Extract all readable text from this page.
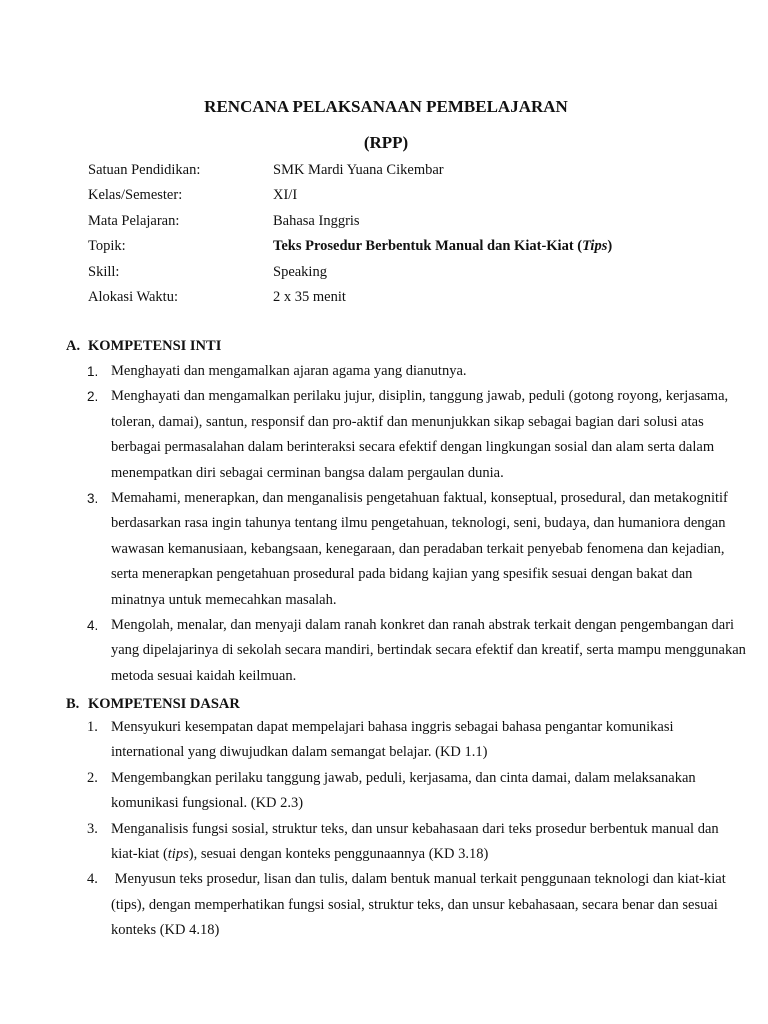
RENCANA PELAKSANAAN PEMBELAJARAN

(RPP)

Satuan Pendidikan:	SMK Mardi Yuana Cikembar
Kelas/Semester:	XI/I
Mata Pelajaran:	Bahasa Inggris
Topik:	Teks Prosedur Berbentuk Manual dan Kiat-Kiat (Tips)
Skill:	Speaking
Alokasi Waktu:	2 x 35 menit

A. KOMPETENSI INTI

1. Menghayati dan mengamalkan ajaran agama yang dianutnya.
2. Menghayati dan mengamalkan perilaku jujur, disiplin, tanggung jawab, peduli (gotong royong, kerjasama, toleran, damai), santun, responsif dan pro-aktif dan menunjukkan sikap sebagai bagian dari solusi atas berbagai permasalahan dalam berinteraksi secara efektif dengan lingkungan sosial dan alam serta dalam menempatkan diri sebagai cerminan bangsa dalam pergaulan dunia.
3. Memahami, menerapkan, dan menganalisis pengetahuan faktual, konseptual, prosedural, dan metakognitif berdasarkan rasa ingin tahunya tentang ilmu pengetahuan, teknologi, seni, budaya, dan humaniora dengan wawasan kemanusiaan, kebangsaan, kenegaraan, dan peradaban terkait penyebab fenomena dan kejadian, serta menerapkan pengetahuan prosedural pada bidang kajian yang spesifik sesuai dengan bakat dan minatnya untuk memecahkan masalah.
4. Mengolah, menalar, dan menyaji dalam ranah konkret dan ranah abstrak terkait dengan pengembangan dari yang dipelajarinya di sekolah secara mandiri, bertindak secara efektif dan kreatif, serta mampu menggunakan metoda sesuai kaidah keilmuan.

B. KOMPETENSI DASAR

1. Mensyukuri kesempatan dapat mempelajari bahasa inggris sebagai bahasa pengantar komunikasi international yang diwujudkan dalam semangat belajar. (KD 1.1)
2. Mengembangkan perilaku tanggung jawab, peduli, kerjasama, dan cinta damai, dalam melaksanakan komunikasi fungsional. (KD 2.3)
3. Menganalisis fungsi sosial, struktur teks, dan unsur kebahasaan dari teks prosedur berbentuk manual dan kiat-kiat (tips), sesuai dengan konteks penggunaannya (KD 3.18)
4. Menyusun teks prosedur, lisan dan tulis, dalam bentuk manual terkait penggunaan teknologi dan kiat-kiat (tips), dengan memperhatikan fungsi sosial, struktur teks, dan unsur kebahasaan, secara benar dan sesuai konteks (KD 4.18)
